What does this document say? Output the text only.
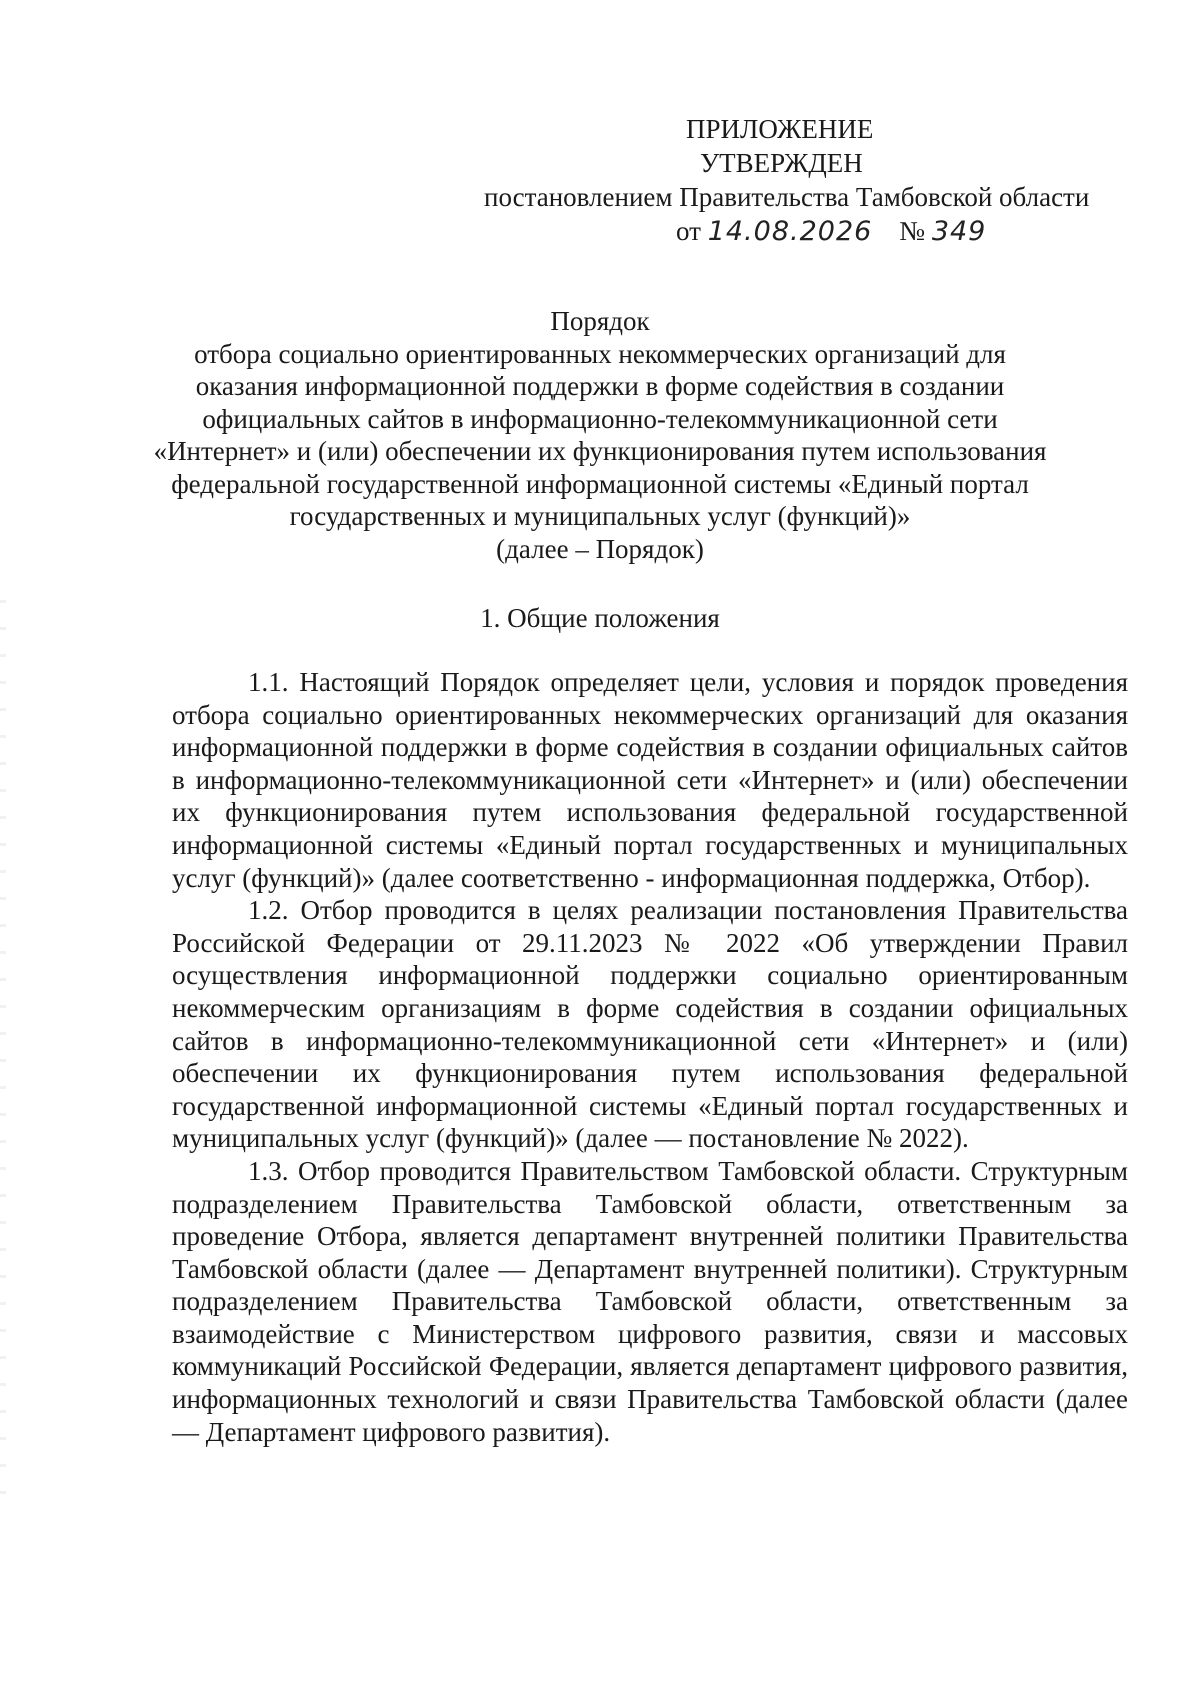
ПРИЛОЖЕНИЕ
УТВЕРЖДЕН
постановлением Правительства Тамбовской области
от 14.08.2026 № 349
Порядок
отбора социально ориентированных некоммерческих организаций для
оказания информационной поддержки в форме содействия в создании
официальных сайтов в информационно-телекоммуникационной сети
«Интернет» и (или) обеспечении их функционирования путем использования
федеральной государственной информационной системы «Единый портал
государственных и муниципальных услуг (функций)»
(далее – Порядок)
1. Общие положения

1.1. Настоящий Порядок определяет цели, условия и порядок проведения отбора социально ориентированных некоммерческих организаций для оказания информационной поддержки в форме содействия в создании официальных сайтов в информационно-телекоммуникационной сети «Интернет» и (или) обеспечении их функционирования путем использования федеральной государственной информационной системы «Единый портал государственных и муниципальных услуг (функций)» (далее соответственно - информационная поддержка, Отбор).

1.2. Отбор проводится в целях реализации постановления Правительства Российской Федерации от 29.11.2023 № 2022 «Об утверждении Правил осуществления информационной поддержки социально ориентированным некоммерческим организациям в форме содействия в создании официальных сайтов в информационно-телекоммуникационной сети «Интернет» и (или) обеспечении их функционирования путем использования федеральной государственной информационной системы «Единый портал государственных и муниципальных услуг (функций)» (далее — постановление № 2022).

1.3. Отбор проводится Правительством Тамбовской области. Структурным подразделением Правительства Тамбовской области, ответственным за проведение Отбора, является департамент внутренней политики Правительства Тамбовской области (далее — Департамент внутренней политики). Структурным подразделением Правительства Тамбовской области, ответственным за взаимодействие с Министерством цифрового развития, связи и массовых коммуникаций Российской Федерации, является департамент цифрового развития, информационных технологий и связи Правительства Тамбовской области (далее — Департамент цифрового развития).
